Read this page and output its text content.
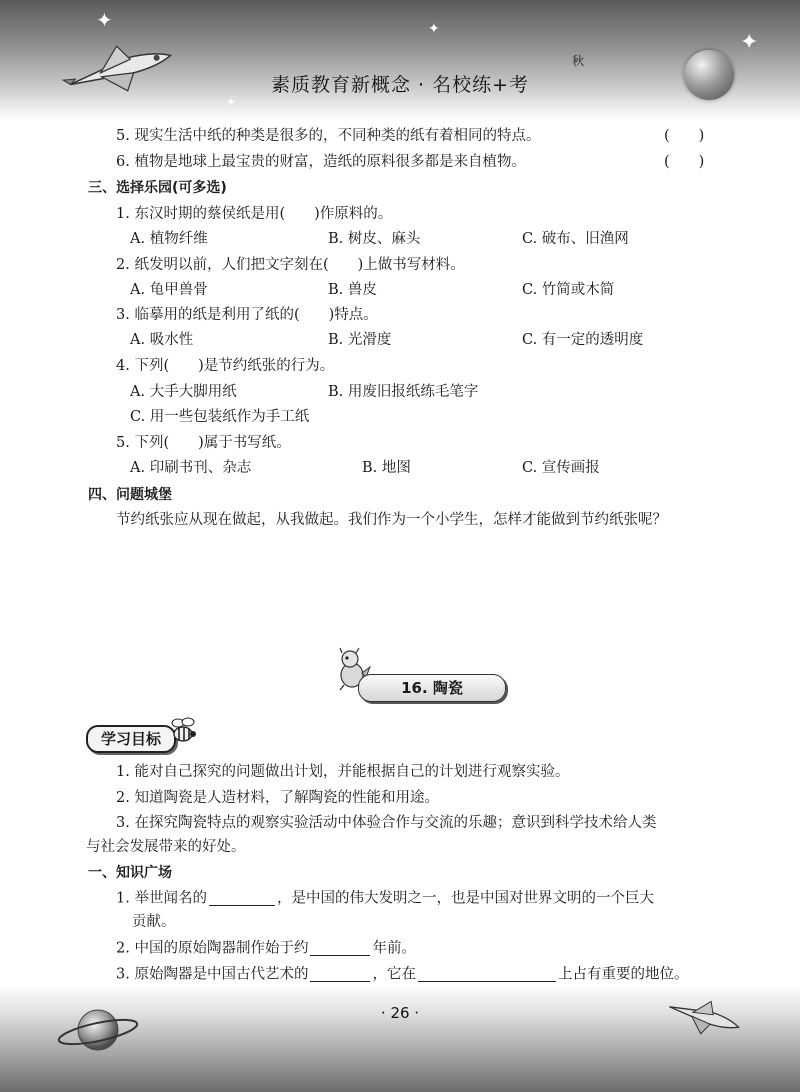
✦	✦
✦
✦
秋
素质教育新概念 · 名校练+考
5. 现实生活中纸的种类是很多的，不同种类的纸有着相同的特点。	(　　)
6. 植物是地球上最宝贵的财富，造纸的原料很多都是来自植物。	(　　)
三、选择乐园(可多选)
1. 东汉时期的蔡侯纸是用(　　)作原料的。
A. 植物纤维	B. 树皮、麻头	C. 破布、旧渔网
2. 纸发明以前，人们把文字刻在(　　)上做书写材料。
A. 龟甲兽骨	B. 兽皮	C. 竹简或木简
3. 临摹用的纸是利用了纸的(　　)特点。
A. 吸水性	B. 光滑度	C. 有一定的透明度
4. 下列(　　)是节约纸张的行为。
A. 大手大脚用纸	B. 用废旧报纸练毛笔字
C. 用一些包装纸作为手工纸
5. 下列(　　)属于书写纸。
A. 印刷书刊、杂志	B. 地图	C. 宣传画报
四、问题城堡
节约纸张应从现在做起，从我做起。我们作为一个小学生，怎样才能做到节约纸张呢？
16. 陶瓷
学习目标
1. 能对自己探究的问题做出计划，并能根据自己的计划进行观察实验。
2. 知道陶瓷是人造材料，了解陶瓷的性能和用途。
3. 在探究陶瓷特点的观察实验活动中体验合作与交流的乐趣；意识到科学技术给人类
与社会发展带来的好处。
一、知识广场
1. 举世闻名的	，是中国的伟大发明之一，也是中国对世界文明的一个巨大
贡献。
2. 中国的原始陶器制作始于约	年前。
3. 原始陶器是中国古代艺术的	，它在	上占有重要的地位。
· 26 ·
